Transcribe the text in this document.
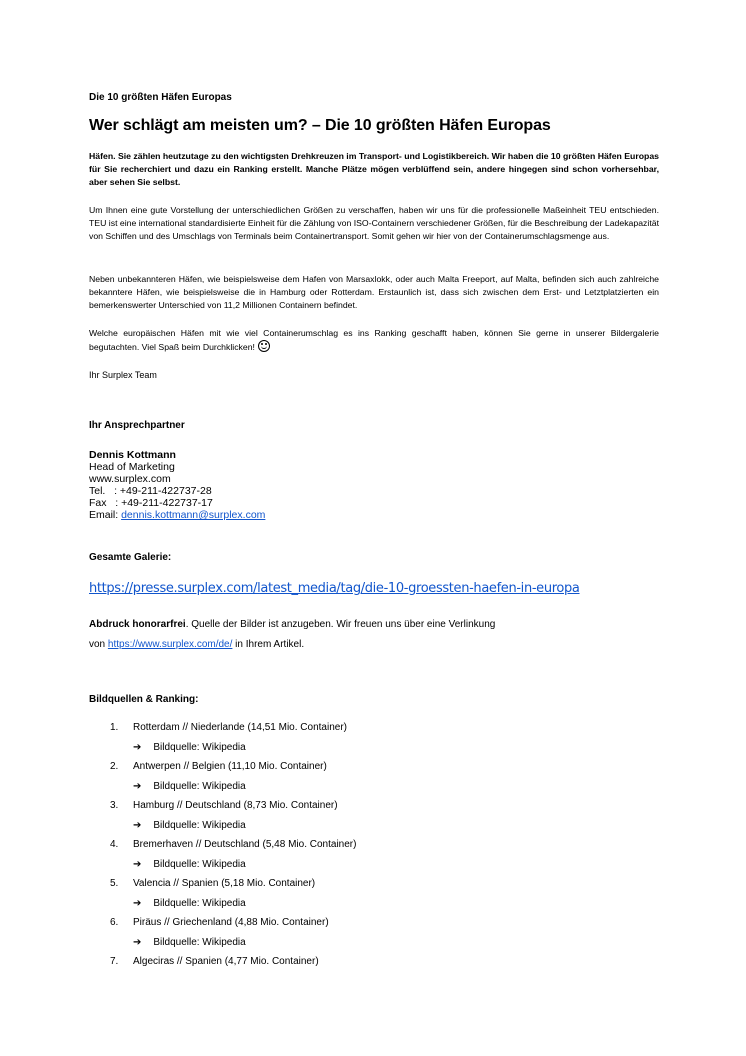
Die 10 größten Häfen Europas
Wer schlägt am meisten um? – Die 10 größten Häfen Europas

Häfen. Sie zählen heutzutage zu den wichtigsten Drehkreuzen im Transport- und Logistikbereich. Wir haben die 10 größten Häfen Europas für Sie recherchiert und dazu ein Ranking erstellt. Manche Plätze mögen verblüffend sein, andere hingegen sind schon vorhersehbar, aber sehen Sie selbst.

Um Ihnen eine gute Vorstellung der unterschiedlichen Größen zu verschaffen, haben wir uns für die professionelle Maßeinheit TEU entschieden. TEU ist eine international standardisierte Einheit für die Zählung von ISO-Containern verschiedener Größen, für die Beschreibung der Ladekapazität von Schiffen und des Umschlags von Terminals beim Containertransport. Somit gehen wir hier von der Containerumschlagsmenge aus.

Neben unbekannteren Häfen, wie beispielsweise dem Hafen von Marsaxlokk, oder auch Malta Freeport, auf Malta, befinden sich auch zahlreiche bekanntere Häfen, wie beispielsweise die in Hamburg oder Rotterdam. Erstaunlich ist, dass sich zwischen dem Erst- und Letztplatzierten ein bemerkenswerter Unterschied von 11,2 Millionen Containern befindet.

Welche europäischen Häfen mit wie viel Containerumschlag es ins Ranking geschafft haben, können Sie gerne in unserer Bildergalerie begutachten. Viel Spaß beim Durchklicken!

Ihr Surplex Team
Ihr Ansprechpartner
Dennis Kottmann
Head of Marketing
www.surplex.com
Tel.   : +49-211-422737-28
Fax   : +49-211-422737-17
Email: dennis.kottmann@surplex.com
Gesamte Galerie:
https://presse.surplex.com/latest_media/tag/die-10-groessten-haefen-in-europa
Abdruck honorarfrei. Quelle der Bilder ist anzugeben. Wir freuen uns über eine Verlinkung
von https://www.surplex.com/de/ in Ihrem Artikel.
Bildquellen & Ranking:
1. Rotterdam // Niederlande (14,51 Mio. Container)
➔ Bildquelle: Wikipedia
2. Antwerpen // Belgien (11,10 Mio. Container)
➔ Bildquelle: Wikipedia
3. Hamburg // Deutschland (8,73 Mio. Container)
➔ Bildquelle: Wikipedia
4. Bremerhaven // Deutschland (5,48 Mio. Container)
➔ Bildquelle: Wikipedia
5. Valencia // Spanien (5,18 Mio. Container)
➔ Bildquelle: Wikipedia
6. Piräus // Griechenland (4,88 Mio. Container)
➔ Bildquelle: Wikipedia
7. Algeciras // Spanien (4,77 Mio. Container)
